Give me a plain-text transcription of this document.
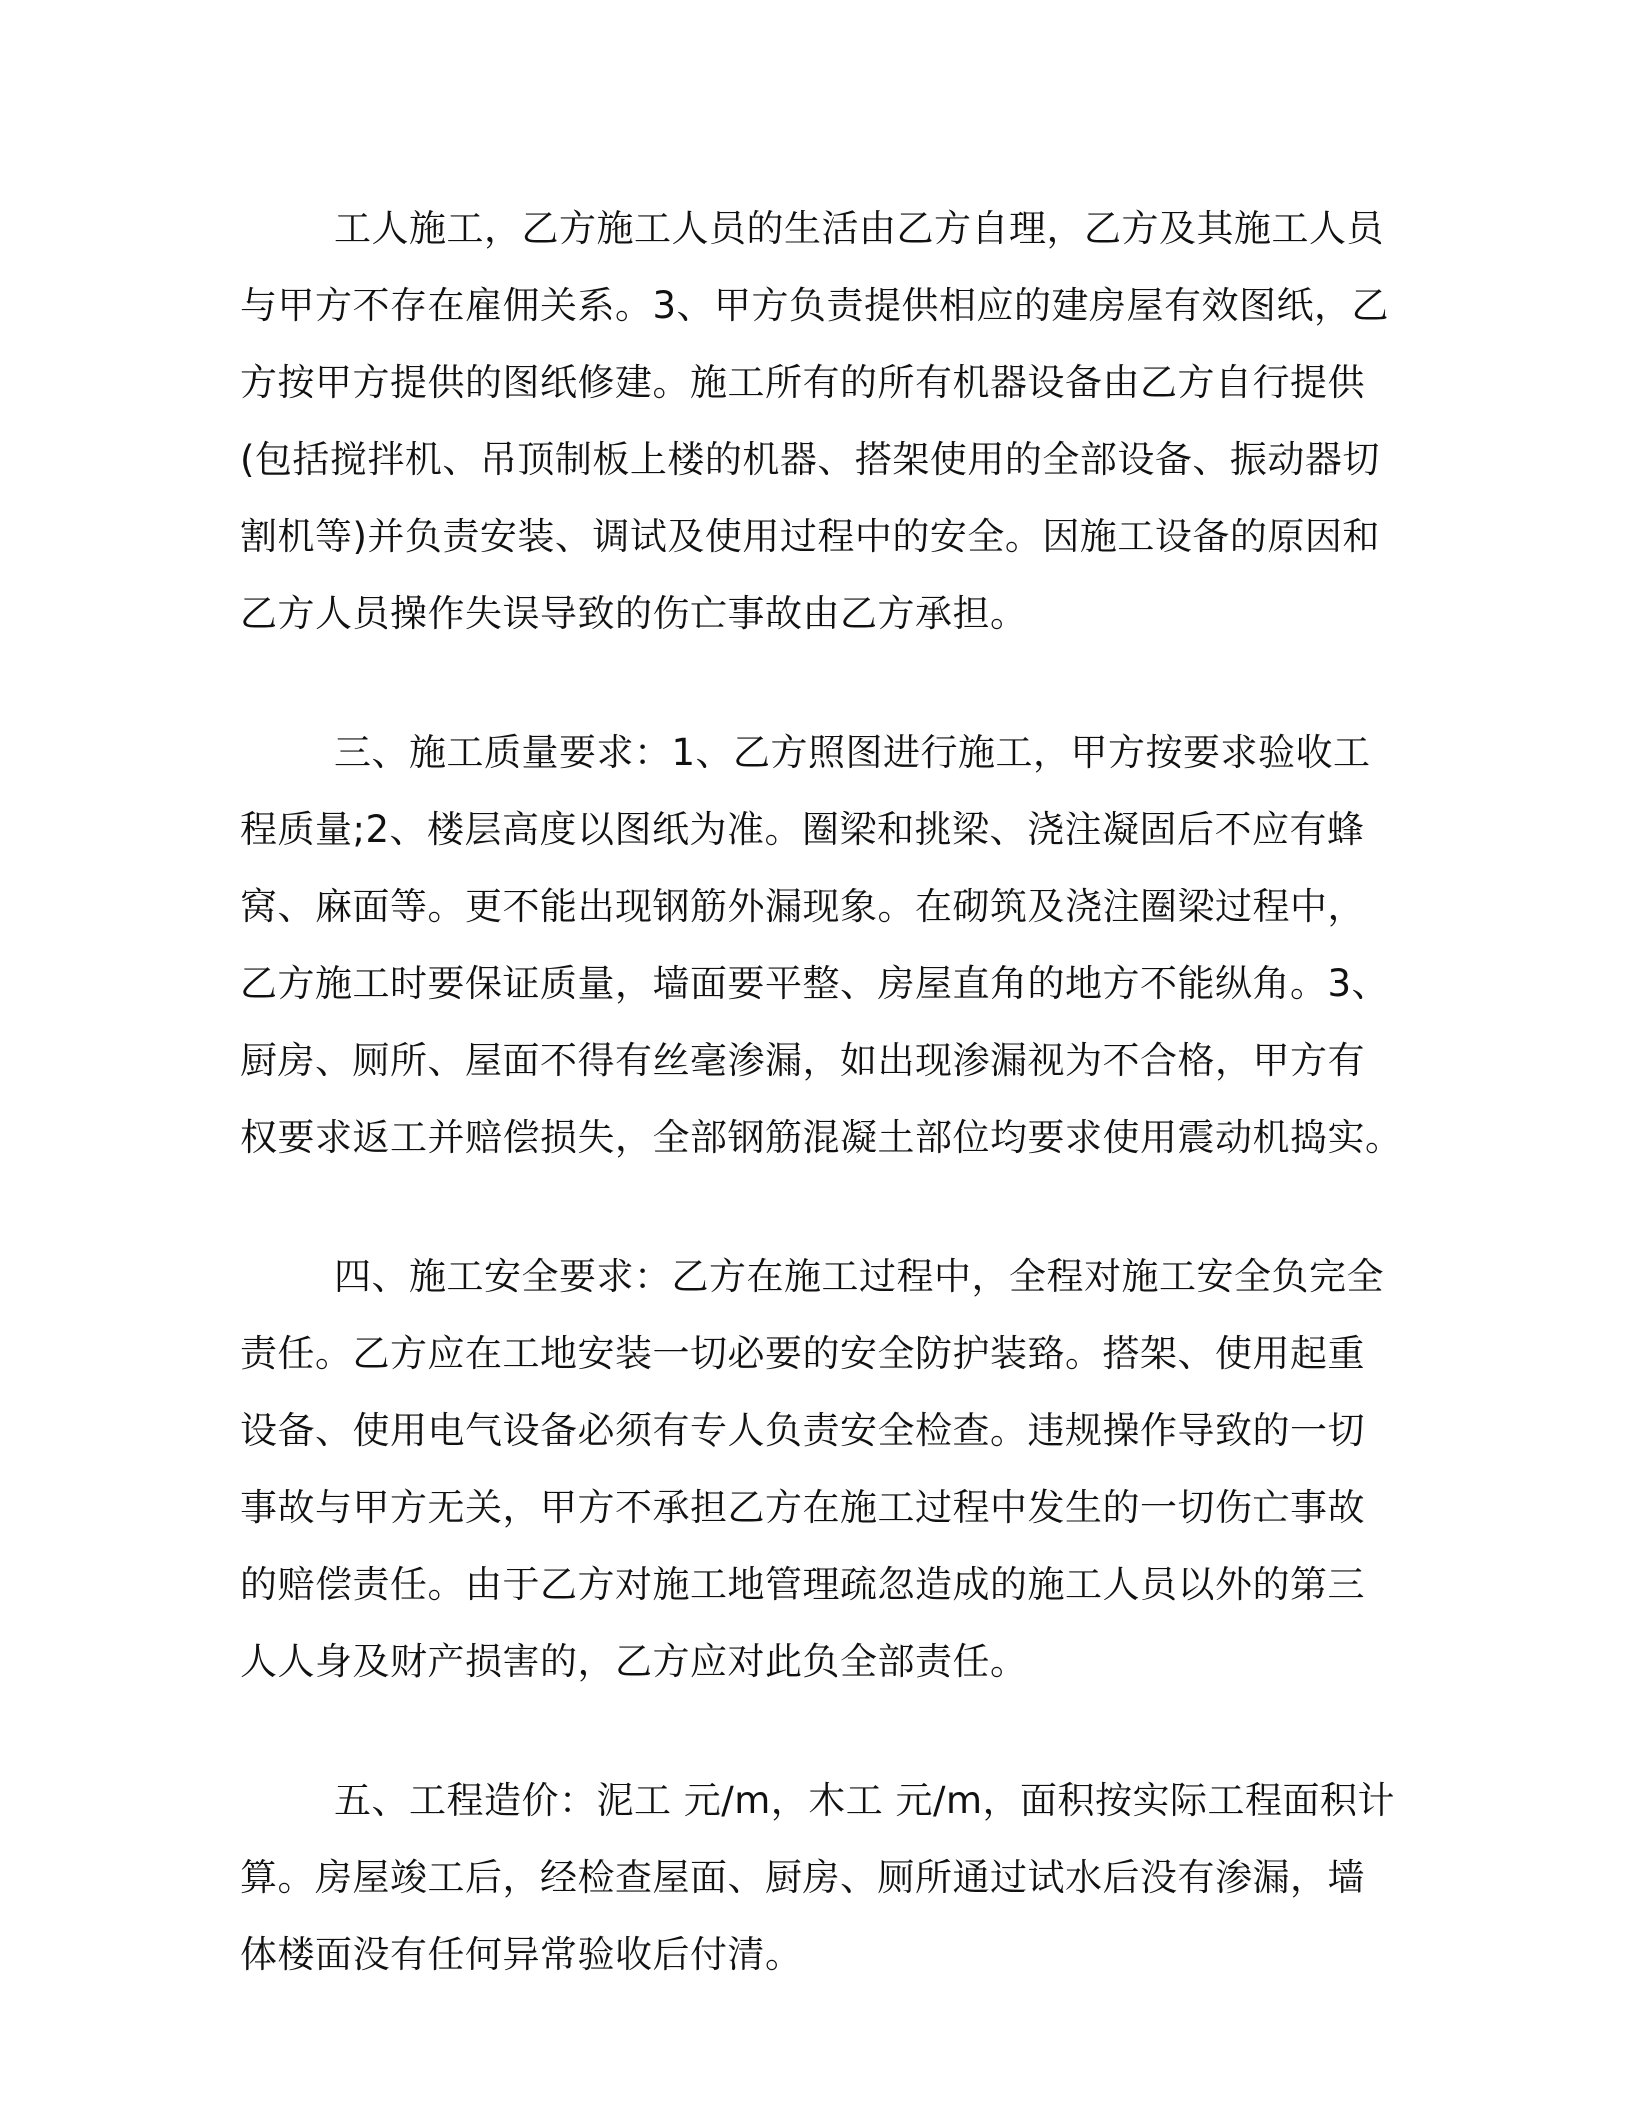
工人施工，乙方施工人员的生活由乙方自理，乙方及其施工人员
与甲方不存在雇佣关系。3、甲方负责提供相应的建房屋有效图纸，乙
方按甲方提供的图纸修建。施工所有的所有机器设备由乙方自行提供
(包括搅拌机、吊顶制板上楼的机器、搭架使用的全部设备、振动器切
割机等)并负责安装、调试及使用过程中的安全。因施工设备的原因和
乙方人员操作失误导致的伤亡事故由乙方承担。
三、施工质量要求：1、乙方照图进行施工，甲方按要求验收工
程质量;2、楼层高度以图纸为准。圈梁和挑梁、浇注凝固后不应有蜂
窝、麻面等。更不能出现钢筋外漏现象。在砌筑及浇注圈梁过程中，
乙方施工时要保证质量，墙面要平整、房屋直角的地方不能纵角。3、
厨房、厕所、屋面不得有丝毫渗漏，如出现渗漏视为不合格，甲方有
权要求返工并赔偿损失，全部钢筋混凝土部位均要求使用震动机捣实。
四、施工安全要求：乙方在施工过程中，全程对施工安全负完全
责任。乙方应在工地安装一切必要的安全防护装臵。搭架、使用起重
设备、使用电气设备必须有专人负责安全检查。违规操作导致的一切
事故与甲方无关，甲方不承担乙方在施工过程中发生的一切伤亡事故
的赔偿责任。由于乙方对施工地管理疏忽造成的施工人员以外的第三
人人身及财产损害的，乙方应对此负全部责任。
五、工程造价：泥工 元/m，木工 元/m，面积按实际工程面积计
算。房屋竣工后，经检查屋面、厨房、厕所通过试水后没有渗漏，墙
体楼面没有任何异常验收后付清。
